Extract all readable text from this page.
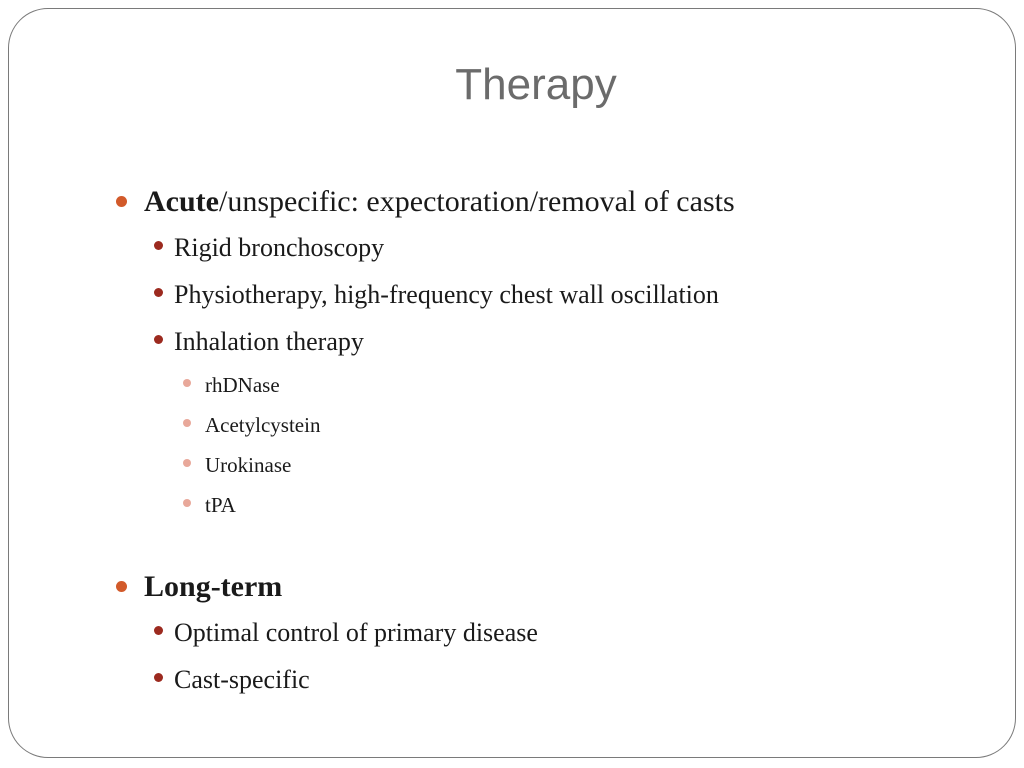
Therapy
Acute/unspecific: expectoration/removal of casts
Rigid bronchoscopy
Physiotherapy, high-frequency chest wall oscillation
Inhalation therapy
rhDNase
Acetylcystein
Urokinase
tPA
Long-term
Optimal control of primary disease
Cast-specific
